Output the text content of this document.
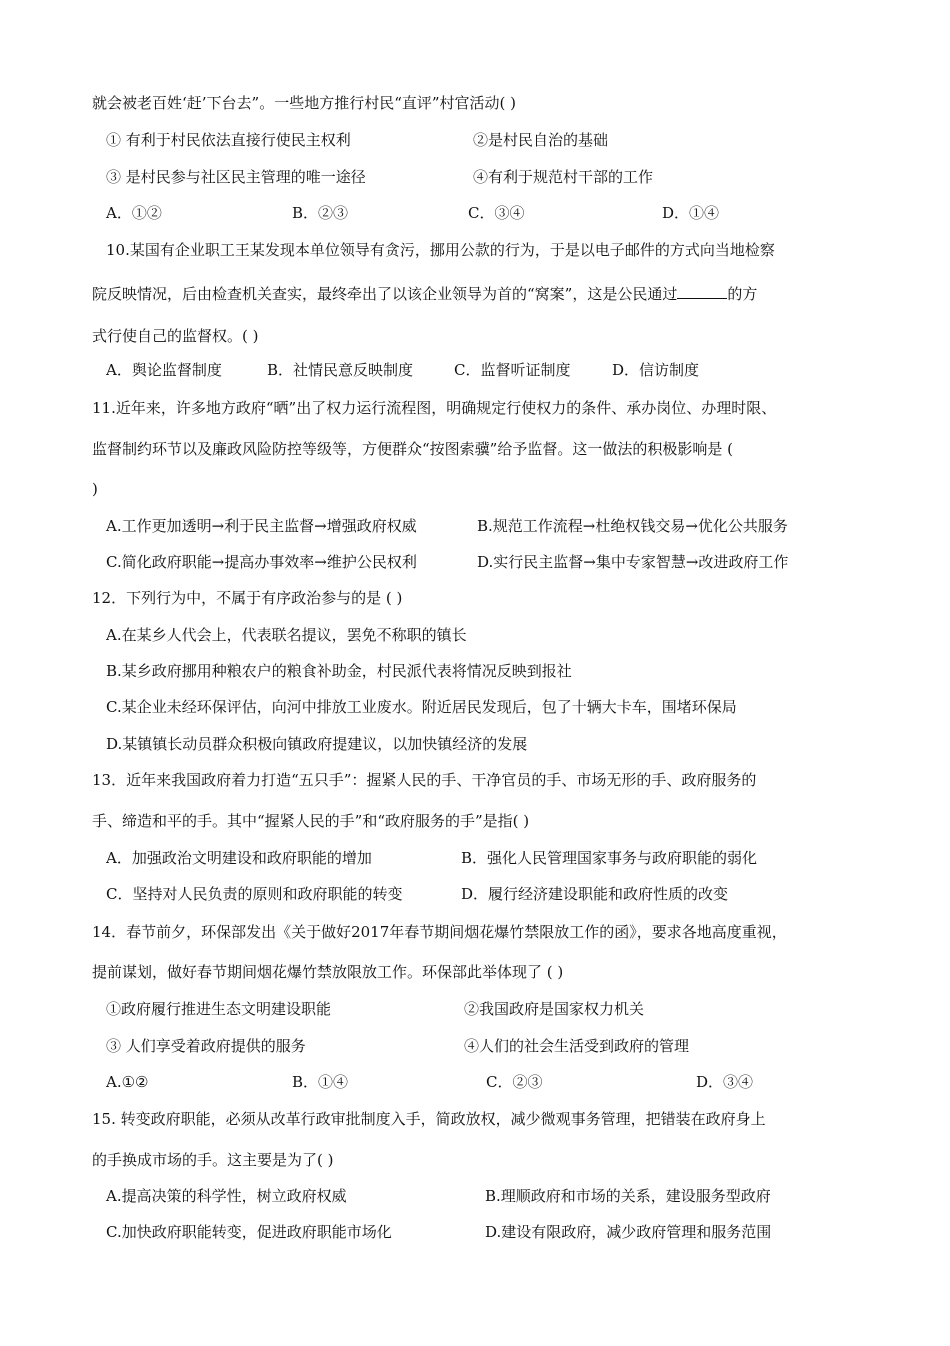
就会被老百姓‘赶’下台去”。一些地方推行村民“直评”村官活动( )
① 有利于村民依法直接行使民主权利	②是村民自治的基础
③ 是村民参与社区民主管理的唯一途径	④有利于规范村干部的工作
A．①②	B．②③	C．③④	D．①④
10.某国有企业职工王某发现本单位领导有贪污，挪用公款的行为，于是以电子邮件的方式向当地检察
院反映情况，后由检查机关查实，最终牵出了以该企业领导为首的“窝案”，这是公民通过	的方
式行使自己的监督权。( )
A．舆论监督制度	B．社情民意反映制度	C．监督听证制度	D．信访制度
11.近年来，许多地方政府“晒”出了权力运行流程图，明确规定行使权力的条件、承办岗位、办理时限、
监督制约环节以及廉政风险防控等级等，方便群众“按图索骥”给予监督。这一做法的积极影响是 (
)
A.工作更加透明→利于民主监督→增强政府权威	B.规范工作流程→杜绝权钱交易→优化公共服务
C.简化政府职能→提高办事效率→维护公民权利	D.实行民主监督→集中专家智慧→改进政府工作
12．下列行为中，不属于有序政治参与的是 ( )
A.在某乡人代会上，代表联名提议，罢免不称职的镇长
B.某乡政府挪用种粮农户的粮食补助金，村民派代表将情况反映到报社
C.某企业未经环保评估，向河中排放工业废水。附近居民发现后，包了十辆大卡车，围堵环保局
D.某镇镇长动员群众积极向镇政府提建议，以加快镇经济的发展
13．近年来我国政府着力打造“五只手”：握紧人民的手、干净官员的手、市场无形的手、政府服务的
手、缔造和平的手。其中“握紧人民的手”和“政府服务的手”是指( )
A．加强政治文明建设和政府职能的增加	B．强化人民管理国家事务与政府职能的弱化
C．坚持对人民负责的原则和政府职能的转变	D．履行经济建设职能和政府性质的改变
14．春节前夕，环保部发出《关于做好2017年春节期间烟花爆竹禁限放工作的函》，要求各地高度重视，
提前谋划，做好春节期间烟花爆竹禁放限放工作。环保部此举体现了 ( )
①政府履行推进生态文明建设职能	②我国政府是国家权力机关
③ 人们享受着政府提供的服务	④人们的社会生活受到政府的管理
A.①②	B．①④	C．②③	D．③④
15. 转变政府职能，必须从改革行政审批制度入手，简政放权，减少微观事务管理，把错装在政府身上
的手换成市场的手。这主要是为了( )
A.提高决策的科学性，树立政府权威	B.理顺政府和市场的关系，建设服务型政府
C.加快政府职能转变，促进政府职能市场化	D.建设有限政府，减少政府管理和服务范围
